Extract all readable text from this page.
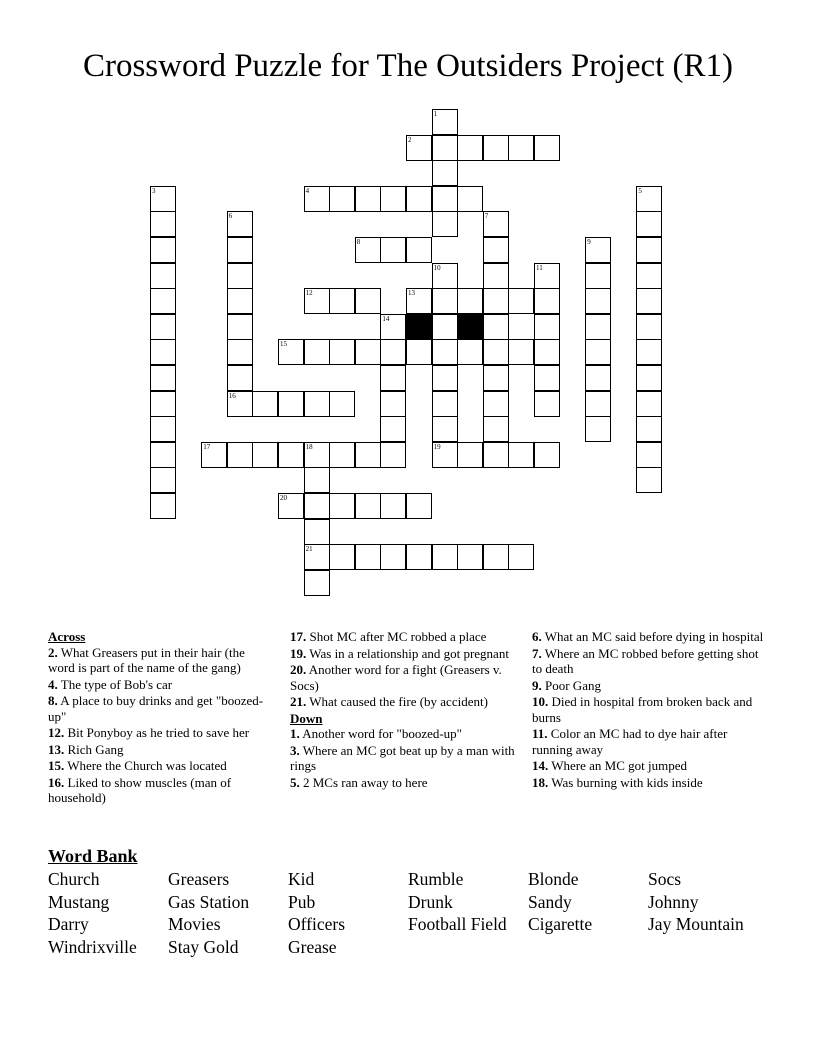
Crossword Puzzle for The Outsiders Project (R1)
2
4
8
12	13
15
16
17	18	19
20
21
1
3	5
6	7
9
10	11
14
Across
2. What Greasers put in their hair (the word is part of the name of the gang)
4. The type of Bob's car
8. A place to buy drinks and get "boozed-up"
12. Bit Ponyboy as he tried to save her
13. Rich Gang
15. Where the Church was located
16. Liked to show muscles (man of household)
17. Shot MC after MC robbed a place
19. Was in a relationship and got pregnant
20. Another word for a fight (Greasers v. Socs)
21. What caused the fire (by accident)
Down
1. Another word for "boozed-up"
3. Where an MC got beat up by a man with rings
5. 2 MCs ran away to here
6. What an MC said before dying in hospital
7. Where an MC robbed before getting shot to death
9. Poor Gang
10. Died in hospital from broken back and burns
11. Color an MC had to dye hair after running away
14. Where an MC got jumped
18. Was burning with kids inside
Word Bank
Church	Greasers	Kid	Rumble	Blonde	Socs
Mustang	Gas Station	Pub	Drunk	Sandy	Johnny
Darry	Movies	Officers	Football Field	Cigarette	Jay Mountain
Windrixville	Stay Gold	Grease
